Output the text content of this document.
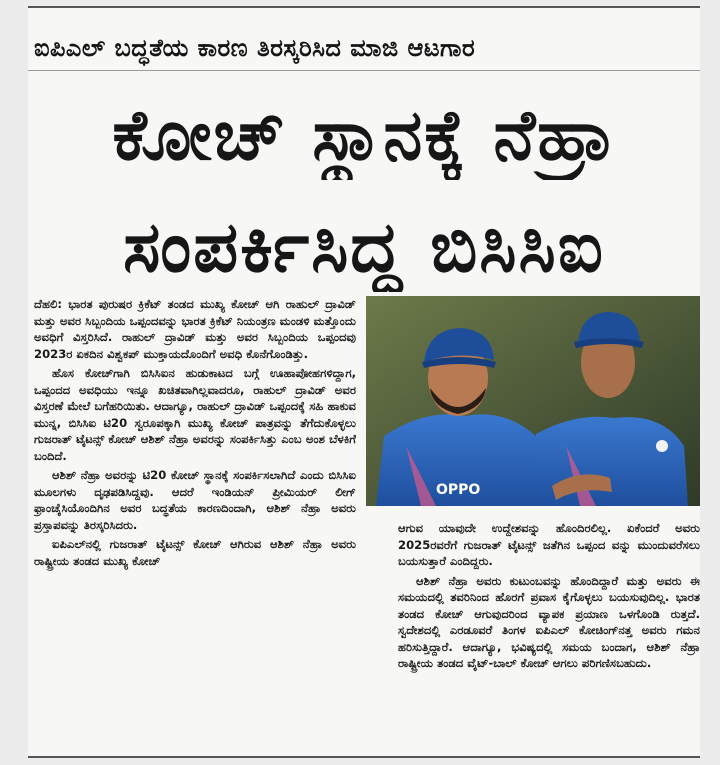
ಐಪಿಎಲ್ ಬದ್ಧತೆಯ ಕಾರಣ ತಿರಸ್ಕರಿಸಿದ ಮಾಜಿ ಆಟಗಾರ
ಕೋಚ್ ಸ್ಥಾನಕ್ಕೆ ನೆಹ್ರಾ
ಸಂಪರ್ಕಿಸಿದ್ದ ಬಿಸಿಸಿಐ

ದೆಹಲಿ: ಭಾರತ ಪುರುಷರ ಕ್ರಿಕೆಟ್ ತಂಡದ ಮುಖ್ಯ ಕೋಚ್ ಆಗಿ ರಾಹುಲ್ ದ್ರಾವಿಡ್ ಮತ್ತು ಅವರ ಸಿಬ್ಬಂದಿಯ ಒಪ್ಪಂದವನ್ನು ಭಾರತ ಕ್ರಿಕೆಟ್ ನಿಯಂತ್ರಣ ಮಂಡಳಿ ಮತ್ತೊಂದು ಅವಧಿಗೆ ವಿಸ್ತರಿಸಿದೆ. ರಾಹುಲ್ ದ್ರಾವಿಡ್ ಮತ್ತು ಅವರ ಸಿಬ್ಬಂದಿಯ ಒಪ್ಪಂದವು 2023ರ ಏಕದಿನ ವಿಶ್ವಕಪ್ ಮುಕ್ತಾಯದೊಂದಿಗೆ ಅವಧಿ ಕೊನೆಗೊಂಡಿತ್ತು.

ಹೊಸ ಕೋಚ್‌ಗಾಗಿ ಬಿಸಿಸಿಐನ ಹುಡುಕಾಟದ ಬಗ್ಗೆ ಊಹಾಪೋಹಗಳಿದ್ದಾಗ, ಒಪ್ಪಂದದ ಅವಧಿಯು ಇನ್ನೂ ಖಚಿತವಾಗಿಲ್ಲವಾದರೂ, ರಾಹುಲ್ ದ್ರಾವಿಡ್ ಅವರ ವಿಸ್ತರಣೆ ಮೇಲೆ ಬಗೆಹರಿಯಿತು. ಆದಾಗ್ಯೂ, ರಾಹುಲ್ ದ್ರಾವಿಡ್ ಒಪ್ಪಂದಕ್ಕೆ ಸಹಿ ಹಾಕುವ ಮುನ್ನ, ಬಿಸಿಸಿಐ ಟಿ20 ಸ್ವರೂಪಕ್ಕಾಗಿ ಮುಖ್ಯ ಕೋಚ್ ಪಾತ್ರವನ್ನು ತೆಗೆದುಕೊಳ್ಳಲು ಗುಜರಾತ್ ಟೈಟನ್ಸ್ ಕೋಚ್ ಆಶಿಶ್ ನೆಹ್ರಾ ಅವರನ್ನು ಸಂಪರ್ಕಿಸಿತ್ತು ಎಂಬ ಅಂಶ ಬೆಳಕಿಗೆ ಬಂದಿದೆ.

ಆಶಿಶ್ ನೆಹ್ರಾ ಅವರನ್ನು ಟಿ20 ಕೋಚ್ ಸ್ಥಾನಕ್ಕೆ ಸಂಪರ್ಕಿಸಲಾಗಿದೆ ಎಂದು ಬಿಸಿಸಿಐ ಮೂಲಗಳು ದೃಢಪಡಿಸಿದ್ದವು. ಆದರೆ ಇಂಡಿಯನ್ ಪ್ರೀಮಿಯರ್ ಲೀಗ್ ಫ್ರಾಂಚೈಸಿಯೊಂದಿಗಿನ ಅವರ ಬದ್ಧತೆಯ ಕಾರಣದಿಂದಾಗಿ, ಆಶಿಶ್ ನೆಹ್ರಾ ಅವರು ಪ್ರಸ್ತಾಪವನ್ನು ತಿರಸ್ಕರಿಸಿದರು.

ಐಪಿಎಲ್‌ನಲ್ಲಿ ಗುಜರಾತ್ ಟೈಟನ್ಸ್ ಕೋಚ್ ಆಗಿರುವ ಆಶಿಶ್ ನೆಹ್ರಾ ಅವರು ರಾಷ್ಟ್ರೀಯ ತಂಡದ ಮುಖ್ಯ ಕೋಚ್

OPPO

ಆಗುವ ಯಾವುದೇ ಉದ್ದೇಶವನ್ನು ಹೊಂದಿರಲಿಲ್ಲ. ಏಕೆಂದರೆ ಅವರು 2025ರವರೆಗೆ ಗುಜರಾತ್ ಟೈಟನ್ಸ್ ಜತೆಗಿನ ಒಪ್ಪಂದ ವನ್ನು ಮುಂದುವರೆಸಲು ಬಯಸುತ್ತಾರೆ ಎಂದಿದ್ದರು.

ಆಶಿಶ್ ನೆಹ್ರಾ ಅವರು ಕುಟುಂಬವನ್ನು ಹೊಂದಿದ್ದಾರೆ ಮತ್ತು ಅವರು ಈ ಸಮಯದಲ್ಲಿ ತವರಿನಿಂದ ಹೊರಗೆ ಪ್ರವಾಸ ಕೈಗೊಳ್ಳಲು ಬಯಸುವುದಿಲ್ಲ. ಭಾರತ ತಂಡದ ಕೋಚ್ ಆಗುವುದರಿಂದ ವ್ಯಾಪಕ ಪ್ರಯಾಣ ಒಳಗೊಂಡಿ ರುತ್ತದೆ. ಸ್ವದೇಶದಲ್ಲಿ ಎರಡೂವರೆ ತಿಂಗಳ ಐಪಿಎಲ್ ಕೋಚಿಂಗ್‌ನತ್ತ ಅವರು ಗಮನ ಹರಿಸುತ್ತಿದ್ದಾರೆ. ಆದಾಗ್ಯೂ, ಭವಿಷ್ಯದಲ್ಲಿ ಸಮಯ ಬಂದಾಗ, ಆಶಿಶ್ ನೆಹ್ರಾ ರಾಷ್ಟ್ರೀಯ ತಂಡದ ವೈಟ್-ಬಾಲ್ ಕೋಚ್ ಆಗಲು ಪರಿಗಣಿಸಬಹುದು.
